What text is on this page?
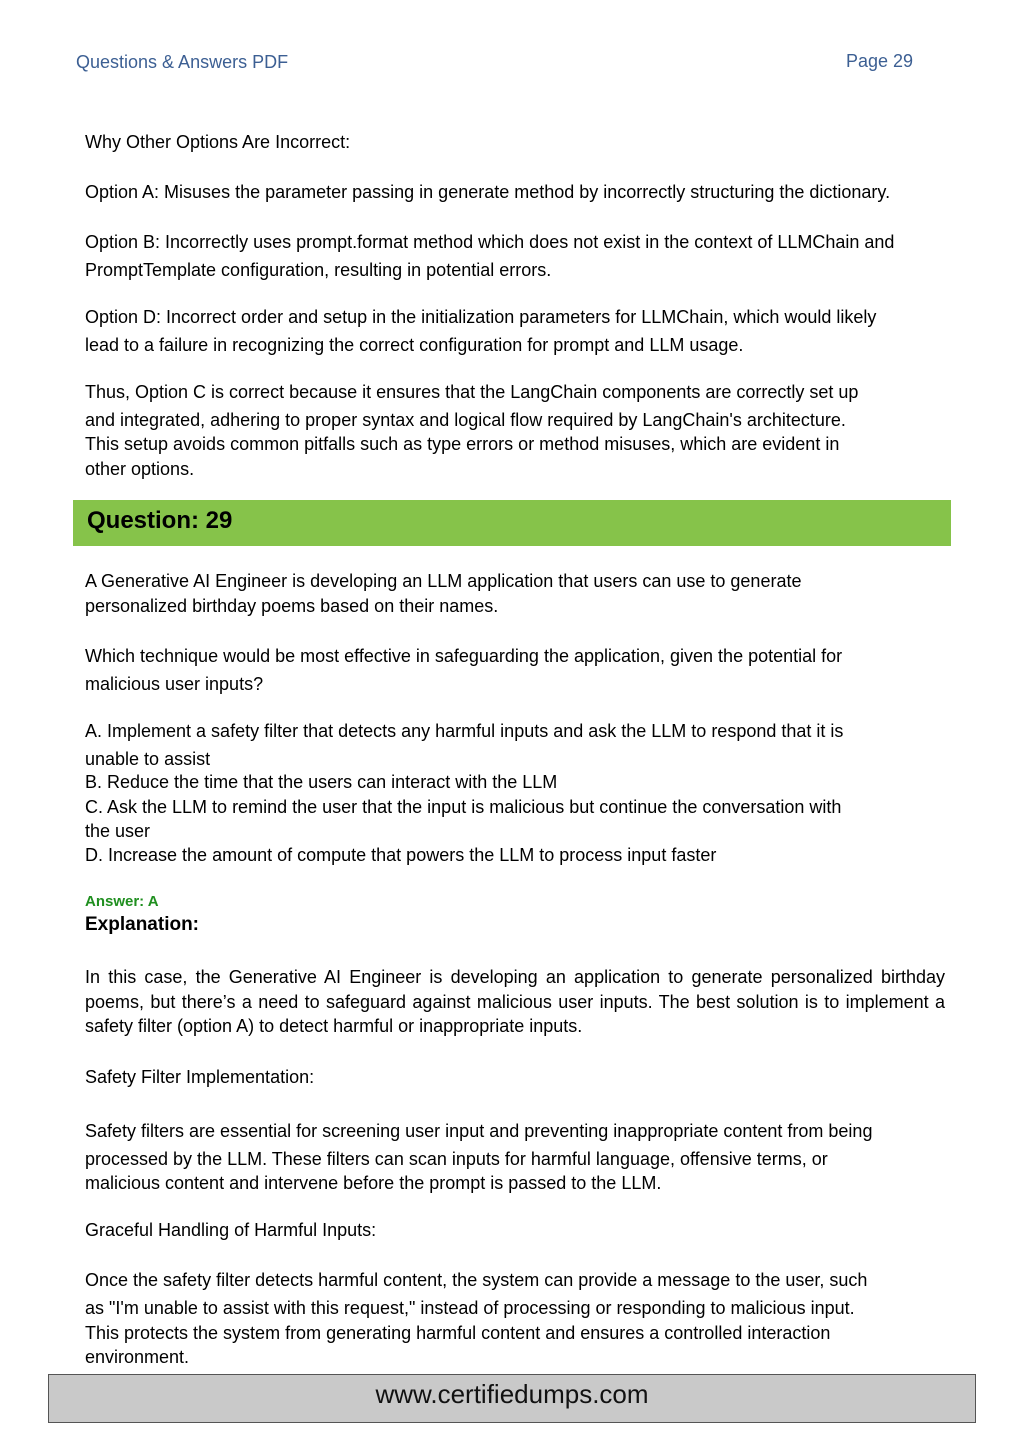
Questions & Answers PDF	Page 29
Why Other Options Are Incorrect:
Option A: Misuses the parameter passing in generate method by incorrectly structuring the dictionary.
Option B: Incorrectly uses prompt.format method which does not exist in the context of LLMChain and
PromptTemplate configuration, resulting in potential errors.
Option D: Incorrect order and setup in the initialization parameters for LLMChain, which would likely
lead to a failure in recognizing the correct configuration for prompt and LLM usage.
Thus, Option C is correct because it ensures that the LangChain components are correctly set up
and integrated, adhering to proper syntax and logical flow required by LangChain's architecture.
This setup avoids common pitfalls such as type errors or method misuses, which are evident in
other options.
Question: 29
A Generative AI Engineer is developing an LLM application that users can use to generate
personalized birthday poems based on their names.
Which technique would be most effective in safeguarding the application, given the potential for
malicious user inputs?
A. Implement a safety filter that detects any harmful inputs and ask the LLM to respond that it is
unable to assist
B. Reduce the time that the users can interact with the LLM
C. Ask the LLM to remind the user that the input is malicious but continue the conversation with
the user
D. Increase the amount of compute that powers the LLM to process input faster
Answer: A
Explanation:
In this case, the Generative AI Engineer is developing an application to generate personalized birthday poems, but there’s a need to safeguard against malicious user inputs. The best solution is to implement a safety filter (option A) to detect harmful or inappropriate inputs.
Safety Filter Implementation:
Safety filters are essential for screening user input and preventing inappropriate content from being
processed by the LLM. These filters can scan inputs for harmful language, offensive terms, or
malicious content and intervene before the prompt is passed to the LLM.
Graceful Handling of Harmful Inputs:
Once the safety filter detects harmful content, the system can provide a message to the user, such
as "I'm unable to assist with this request," instead of processing or responding to malicious input.
This protects the system from generating harmful content and ensures a controlled interaction
environment.
www.certifiedumps.com
